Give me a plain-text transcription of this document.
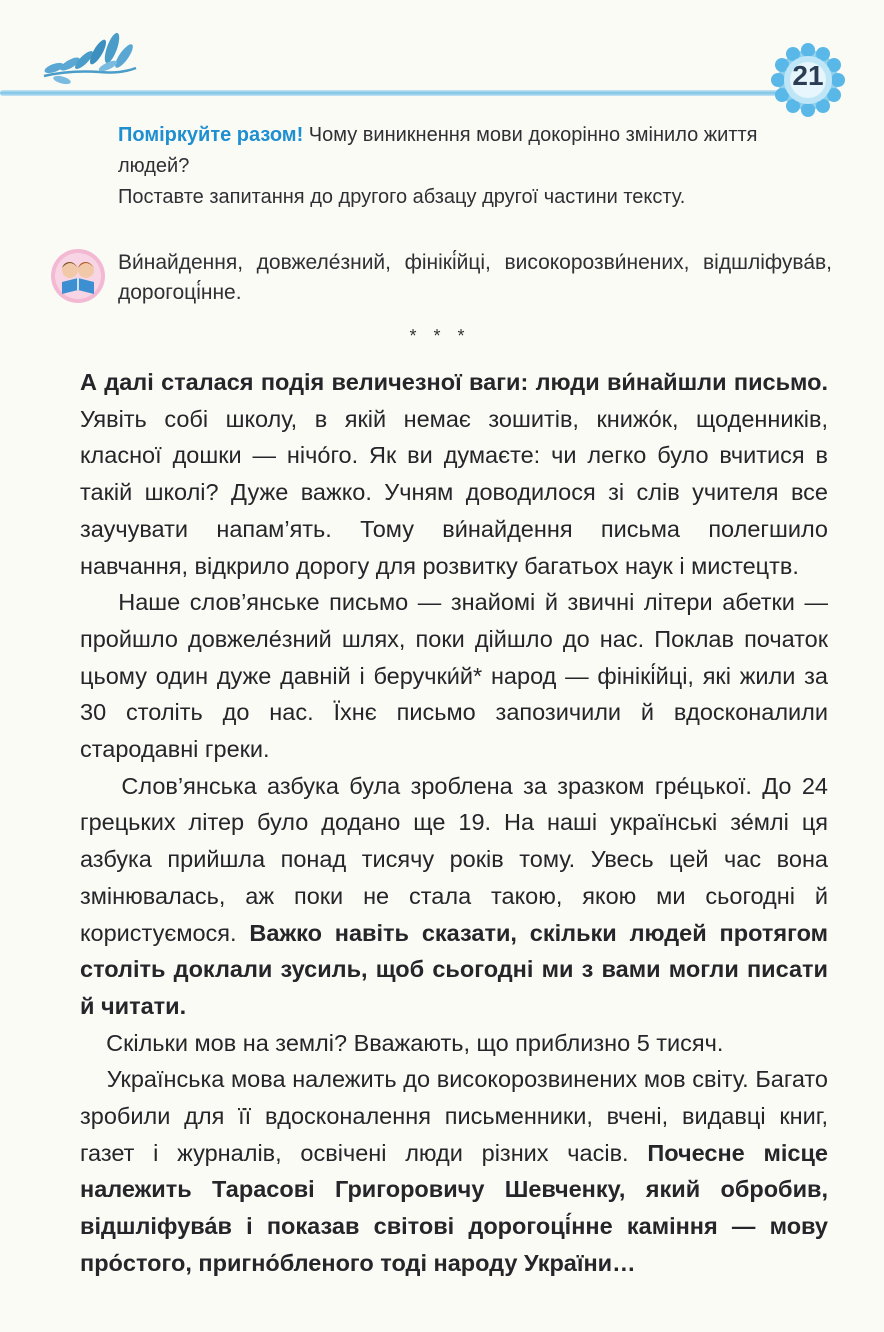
21

Поміркуйте разом! Чому виникнення мови докорінно змінило життя людей?

Поставте запитання до другого абзацу другої частини тексту.

Ви́найдення, довжеле́зний, фінікі́йці, високорозви́нених, відшліфува́в, дорогоці́нне.
* * *

А далі сталася подія величезної ваги: люди ви́найшли письмо. Уявіть собі школу, в якій немає зошитів, книжо́к, щоденників, класної дошки — нічо́го. Як ви думаєте: чи легко було вчитися в такій школі? Дуже важко. Учням доводилося зі слів учителя все заучувати напам’ять. Тому ви́найдення письма полегшило навчання, відкрило дорогу для розвитку багатьох наук і мистецтв.

Наше слов’янське письмо — знайомі й звичні літери абетки — пройшло довжеле́зний шлях, поки дійшло до нас. Поклав початок цьому один дуже давній і беручки́й* народ — фінікі́йці, які жили за 30 століть до нас. Їхнє письмо запозичили й вдосконалили стародавні греки.

Слов’янська азбука була зроблена за зразком гре́цької. До 24 грецьких літер було додано ще 19. На наші українські зе́млі ця азбука прийшла понад тисячу років тому. Увесь цей час вона змінювалась, аж поки не стала такою, якою ми сьогодні й користуємося. Важко навіть сказати, скільки людей протягом століть доклали зусиль, щоб сьогодні ми з вами могли писати й читати.

Скільки мов на землі? Вважають, що приблизно 5 тисяч.

Українська мова належить до високорозвинених мов світу. Багато зробили для її вдосконалення письменники, вчені, видавці книг, газет і журналів, освічені люди різних часів. Почесне місце належить Тарасові Григоровичу Шевченку, який обробив, відшліфува́в і показав світові дорогоці́нне каміння — мову про́стого, пригно́бленого тоді народу України…
